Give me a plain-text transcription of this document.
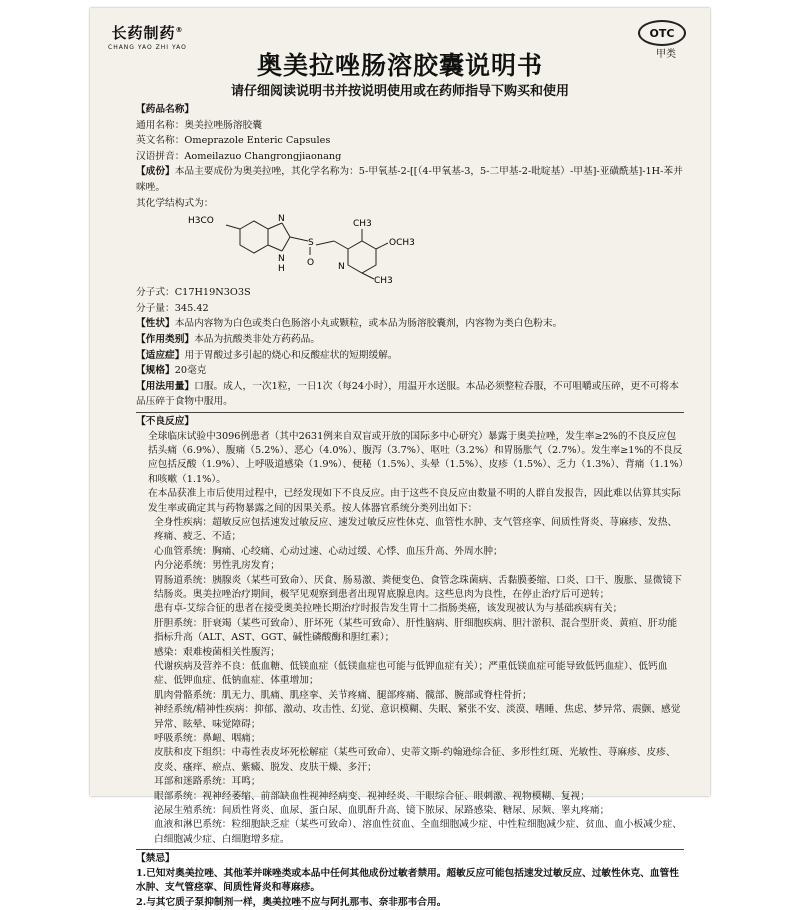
长药制药®
CHANG YAO ZHI YAO
OTC
甲类
奥美拉唑肠溶胶囊说明书
请仔细阅读说明书并按说明使用或在药师指导下购买和使用

【药品名称】

通用名称：奥美拉唑肠溶胶囊

英文名称：Omeprazole Enteric Capsules

汉语拼音：Aomeilazuo Changrongjiaonang

【成份】本品主要成份为奥美拉唑，其化学名称为：5-甲氧基-2-[[（4-甲氧基-3，5-二甲基-2-吡啶基）-甲基]-亚磺酰基]-1H-苯并咪唑。

其化学结构式为：

H3CO	N
N
H
S
O
CH3
OCH3
CH3
N

分子式：C17H19N3O3S

分子量：345.42

【性状】本品内容物为白色或类白色肠溶小丸或颗粒，或本品为肠溶胶囊剂，内容物为类白色粉末。

【作用类别】本品为抗酸类非处方药药品。

【适应症】用于胃酸过多引起的烧心和反酸症状的短期缓解。

【规格】20毫克

【用法用量】口服。成人，一次1粒，一日1次（每24小时），用温开水送服。本品必须整粒吞服，不可咀嚼或压碎，更不可将本品压碎于食物中服用。

【不良反应】

全球临床试验中3096例患者（其中2631例来自双盲或开放的国际多中心研究）暴露于奥美拉唑，发生率≥2%的不良反应包括头痛（6.9%）、腹痛（5.2%）、恶心（4.0%）、腹泻（3.7%）、呕吐（3.2%）和胃肠胀气（2.7%）。发生率≥1%的不良反应包括反酸（1.9%）、上呼吸道感染（1.9%）、便秘（1.5%）、头晕（1.5%）、皮疹（1.5%）、乏力（1.3%）、背痛（1.1%）和咳嗽（1.1%）。

在本品获准上市后使用过程中，已经发现如下不良反应。由于这些不良反应由数量不明的人群自发报告，因此难以估算其实际发生率或确定其与药物暴露之间的因果关系。按人体器官系统分类列出如下：

全身性疾病：超敏反应包括速发过敏反应、速发过敏反应性休克、血管性水肿、支气管痉挛、间质性肾炎、荨麻疹、发热、疼痛、疲乏、不适；

心血管系统：胸痛、心绞痛、心动过速、心动过缓、心悸、血压升高、外周水肿；

内分泌系统：男性乳房发育；

胃肠道系统：胰腺炎（某些可致命）、厌食、肠易激、粪便变色、食管念珠菌病、舌黏膜萎缩、口炎、口干、腹胀、显微镜下结肠炎。奥美拉唑治疗期间，极罕见观察到患者出现胃底腺息肉。这些息肉为良性，在停止治疗后可逆转；

患有卓-艾综合征的患者在接受奥美拉唑长期治疗时报告发生胃十二指肠类癌，该发现被认为与基础疾病有关；

肝胆系统：肝衰竭（某些可致命）、肝坏死（某些可致命）、肝性脑病、肝细胞疾病、胆汁淤积、混合型肝炎、黄疸、肝功能指标升高（ALT、AST、GGT、碱性磷酸酶和胆红素）；

感染：艰难梭菌相关性腹泻；

代谢疾病及营养不良：低血糖、低镁血症（低镁血症也可能与低钾血症有关）；严重低镁血症可能导致低钙血症）、低钙血症、低钾血症、低钠血症、体重增加；

肌肉骨骼系统：肌无力、肌痛、肌痉挛、关节疼痛、腿部疼痛、髋部、腕部或脊柱骨折；

神经系统/精神性疾病：抑郁、激动、攻击性、幻觉、意识模糊、失眠、紧张不安、淡漠、嗜睡、焦虑、梦异常、震颤、感觉异常、眩晕、味觉障碍；

呼吸系统：鼻衄、咽痛；

皮肤和皮下组织：中毒性表皮坏死松解症（某些可致命）、史蒂文斯-约翰逊综合征、多形性红斑、光敏性、荨麻疹、皮疹、皮炎、瘙痒、瘀点、紫癜、脱发、皮肤干燥、多汗；

耳部和迷路系统：耳鸣；

眼部系统：视神经萎缩、前部缺血性视神经病变、视神经炎、干眼综合征、眼刺激、视物模糊、复视；

泌尿生殖系统：间质性肾炎、血尿、蛋白尿、血肌酐升高、镜下脓尿、尿路感染、糖尿、尿频、睾丸疼痛；

血液和淋巴系统：粒细胞缺乏症（某些可致命）、溶血性贫血、全血细胞减少症、中性粒细胞减少症、贫血、血小板减少症、白细胞减少症、白细胞增多症。

【禁忌】

1.已知对奥美拉唑、其他苯并咪唑类或本品中任何其他成份过敏者禁用。超敏反应可能包括速发过敏反应、过敏性休克、血管性水肿、支气管痉挛、间质性肾炎和荨麻疹。

2.与其它质子泵抑制剂一样，奥美拉唑不应与阿扎那韦、奈非那韦合用。
